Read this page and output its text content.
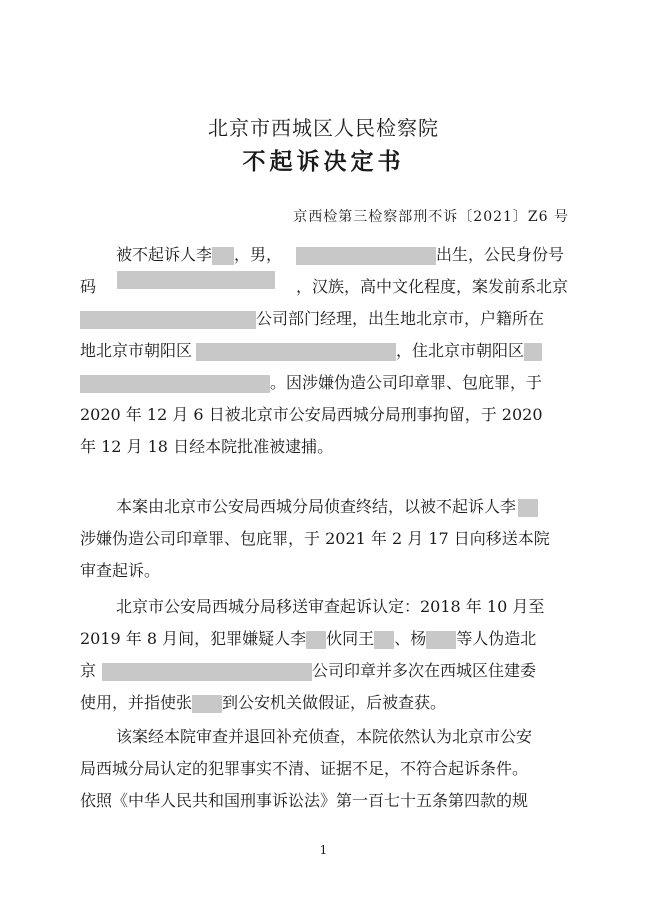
北京市西城区人民检察院
不起诉决定书
京西检第三检察部刑不诉〔2021〕Z6 号
被不起诉人李 ，男，	出生，公民身份号
码	，汉族，高中文化程度，案发前系北京
公司部门经理，出生地北京市，户籍所在
地北京市朝阳区	，住北京市朝阳区
。因涉嫌伪造公司印章罪、包庇罪，于
2020 年 12 月 6 日被北京市公安局西城分局刑事拘留，于 2020
年 12 月 18 日经本院批准被逮捕。
本案由北京市公安局西城分局侦查终结，以被不起诉人李
涉嫌伪造公司印章罪、包庇罪，于 2021 年 2 月 17 日向移送本院
审查起诉。
北京市公安局西城分局移送审查起诉认定：2018 年 10 月至
2019 年 8 月间，犯罪嫌疑人李 伙同王 、杨 等人伪造北
京	公司印章并多次在西城区住建委
使用，并指使张 到公安机关做假证，后被查获。
该案经本院审查并退回补充侦查，本院依然认为北京市公安
局西城分局认定的犯罪事实不清、证据不足，不符合起诉条件。
依照《中华人民共和国刑事诉讼法》第一百七十五条第四款的规
1
